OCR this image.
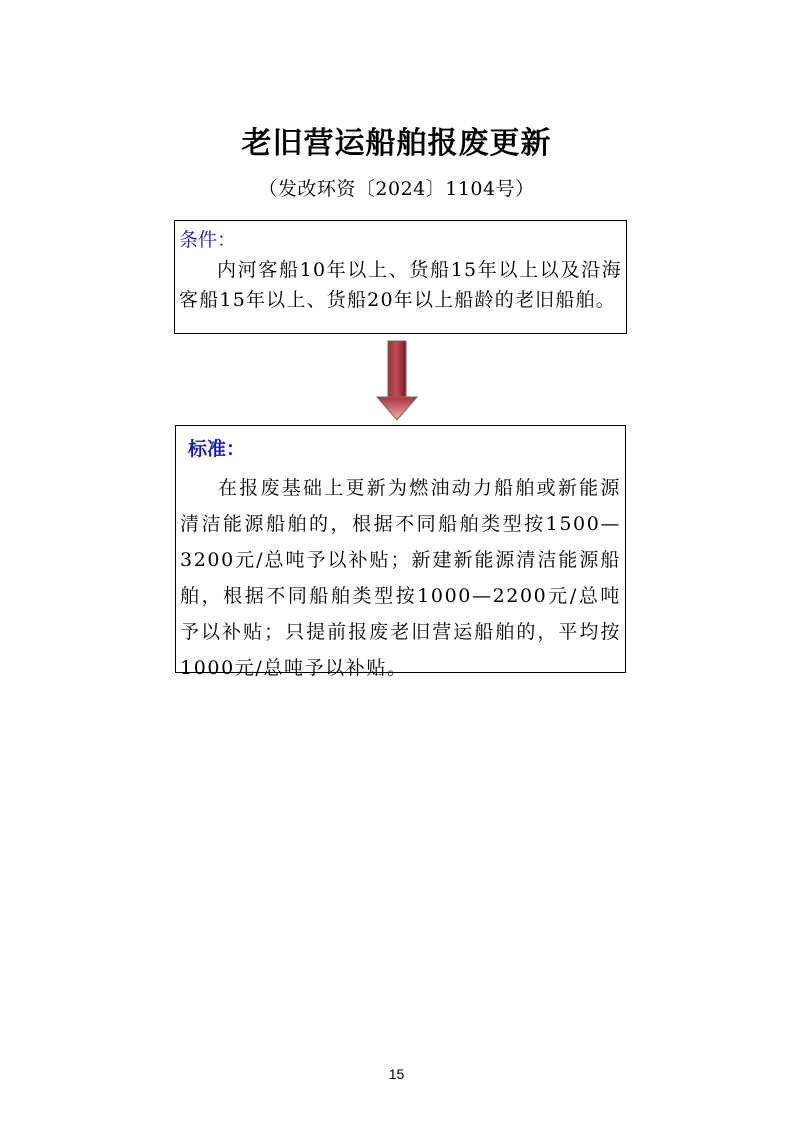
老旧营运船舶报废更新
（发改环资〔2024〕1104号）
条件：
内河客船10年以上、货船15年以上以及沿海客船15年以上、货船20年以上船龄的老旧船舶。
标准：
在报废基础上更新为燃油动力船舶或新能源清洁能源船舶的，根据不同船舶类型按1500—3200元/总吨予以补贴；新建新能源清洁能源船舶，根据不同船舶类型按1000—2200元/总吨予以补贴；只提前报废老旧营运船舶的，平均按1000元/总吨予以补贴。
15
